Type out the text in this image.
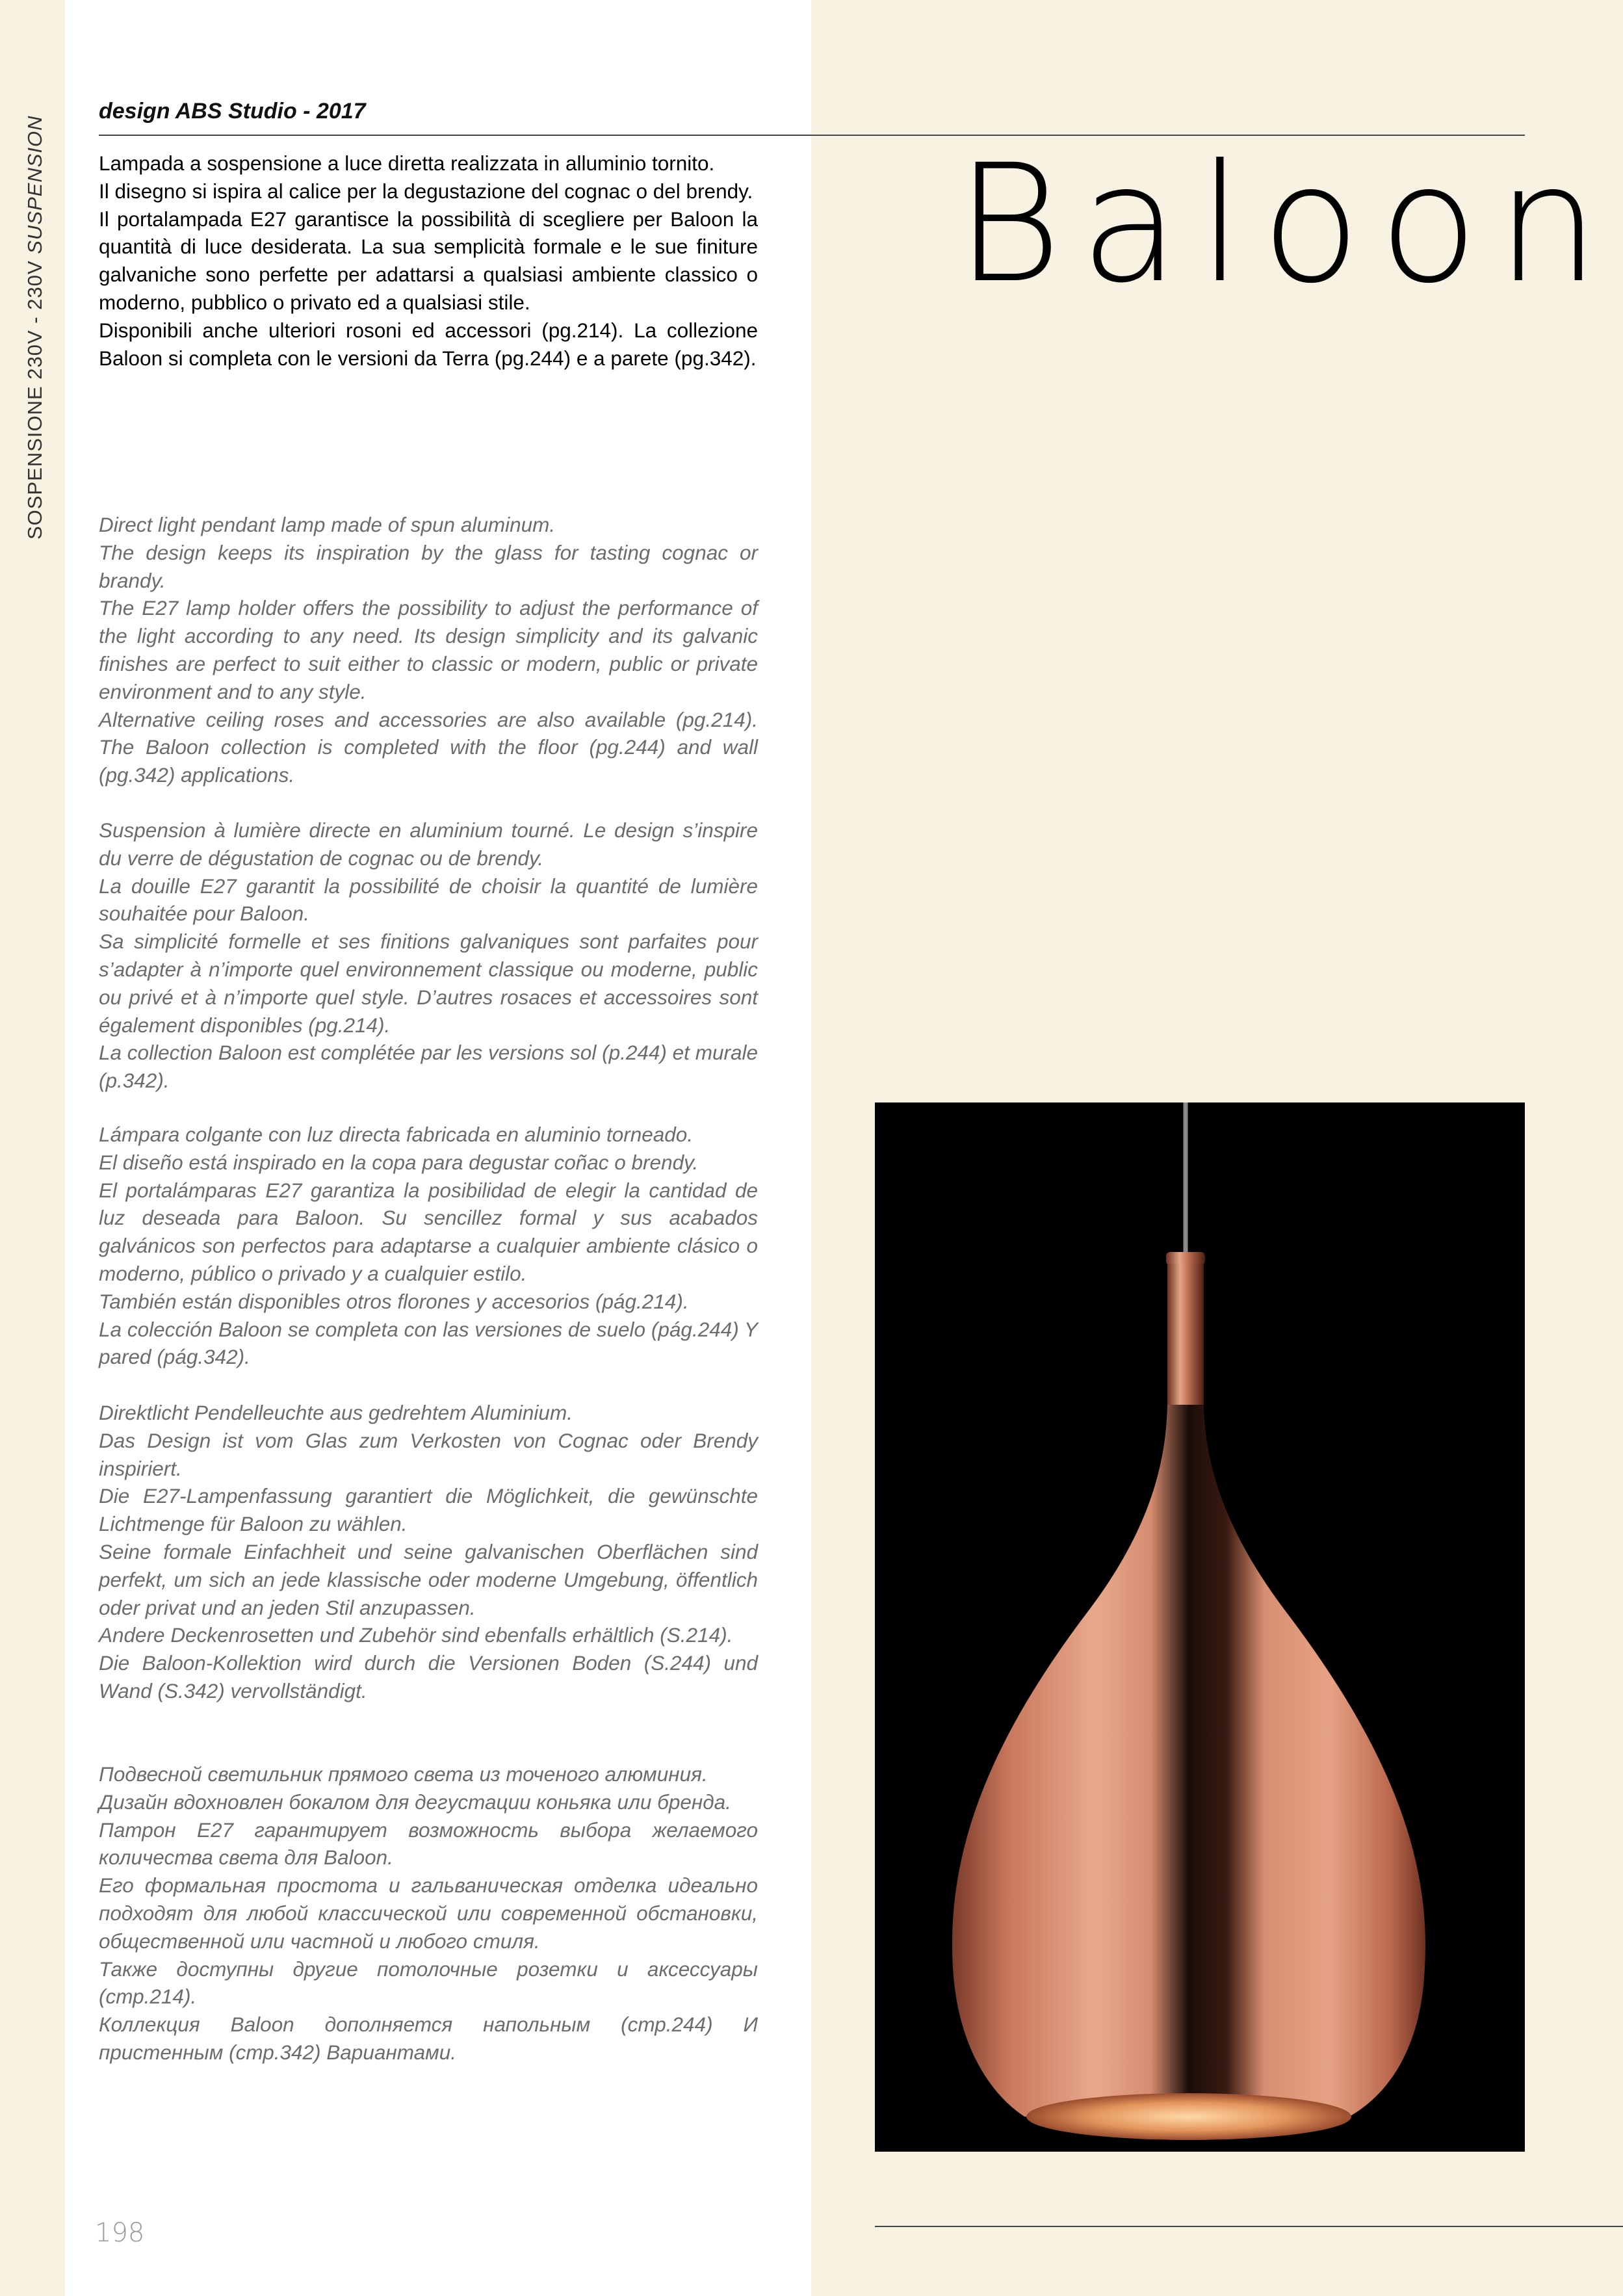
SOSPENSIONE 230V - 230V SUSPENSION
design ABS Studio - 2017
Baloon

Lampada a sospensione a luce diretta realizzata in alluminio tornito.

Il disegno si ispira al calice per la degustazione del cognac o del brendy.

Il portalampada E27 garantisce la possibilità di scegliere per Baloon la quantità di luce desiderata. La sua semplicità formale e le sue finiture galvaniche sono perfette per adattarsi a qualsiasi ambiente classico o moderno, pubblico o privato ed a qualsiasi stile.

Disponibili anche ulteriori rosoni ed accessori (pg.214). La collezione Baloon si completa con le versioni da Terra (pg.244) e a parete (pg.342).

Direct light pendant lamp made of spun aluminum.

The design keeps its inspiration by the glass for tasting cognac or brandy.

The E27 lamp holder offers the possibility to adjust the performance of the light according to any need. Its design simplicity and its galvanic finishes are perfect to suit either to classic or modern, public or private environment and to any style.

Alternative ceiling roses and accessories are also available (pg.214). The Baloon collection is completed with the floor (pg.244) and wall (pg.342) applications.

Suspension à lumière directe en aluminium tourné. Le design s’inspire du verre de dégustation de cognac ou de brendy.

La douille E27 garantit la possibilité de choisir la quantité de lumière souhaitée pour Baloon.

Sa simplicité formelle et ses finitions galvaniques sont parfaites pour s’adapter à n’importe quel environnement classique ou moderne, public ou privé et à n’importe quel style. D’autres rosaces et accessoires sont également disponibles (pg.214).

La collection Baloon est complétée par les versions sol (p.244) et murale (p.342).

Lámpara colgante con luz directa fabricada en aluminio torneado.

El diseño está inspirado en la copa para degustar coñac o brendy.

El portalámparas E27 garantiza la posibilidad de elegir la cantidad de luz deseada para Baloon. Su sencillez formal y sus acabados galvánicos son perfectos para adaptarse a cualquier ambiente clásico o moderno, público o privado y a cualquier estilo.

También están disponibles otros florones y accesorios (pág.214).

La colección Baloon se completa con las versiones de suelo (pág.244) Y pared (pág.342).

Direktlicht Pendelleuchte aus gedrehtem Aluminium.

Das Design ist vom Glas zum Verkosten von Cognac oder Brendy inspiriert.

Die E27-Lampenfassung garantiert die Möglichkeit, die gewünschte Lichtmenge für Baloon zu wählen.

Seine formale Einfachheit und seine galvanischen Oberflächen sind perfekt, um sich an jede klassische oder moderne Umgebung, öffentlich oder privat und an jeden Stil anzupassen.

Andere Deckenrosetten und Zubehör sind ebenfalls erhältlich (S.214).

Die Baloon-Kollektion wird durch die Versionen Boden (S.244) und Wand (S.342) vervollständigt.

Подвесной светильник прямого света из точеного алюминия.

Дизайн вдохновлен бокалом для дегустации коньяка или бренда.

Патрон E27 гарантирует возможность выбора желаемого количества света для Baloon.

Его формальная простота и гальваническая отделка идеально подходят для любой классической или современной обстановки, общественной или частной и любого стиля.

Также доступны другие потолочные розетки и аксессуары (стр.214).

Коллекция Baloon дополняется напольным (стр.244) И пристенным (стр.342) Вариантами.

198
